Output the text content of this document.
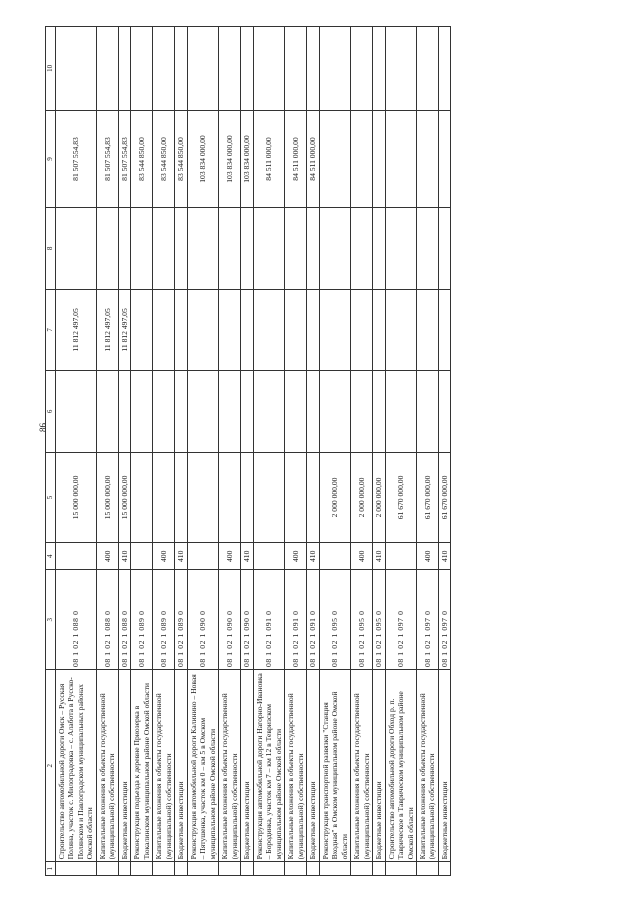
86
1	2	3	4	5	6	7	8	9	10
	Строительство автомобильной дороги Омск – Русская Поляна, участок с. Милоградовка – с. Алабота в Русско-Полянском и Павлоградском муниципальных районах Омской области	08 1 02 1 088 0		15 000 000,00		11 812 497,05		81 507 554,83	
	Капитальные вложения в объекты государственной (муниципальной) собственности	08 1 02 1 088 0	400	15 000 000,00		11 812 497,05		81 507 554,83	
	Бюджетные инвестиции	08 1 02 1 088 0	410	15 000 000,00		11 812 497,05		81 507 554,83	
	Реконструкция подъезда к деревне Приозерка в Тюкалинском муниципальном районе Омской области	08 1 02 1 089 0						83 544 850,00	
	Капитальные вложения в объекты государственной (муниципальной) собственности	08 1 02 1 089 0	400					83 544 850,00	
	Бюджетные инвестиции	08 1 02 1 089 0	410					83 544 850,00	
	Реконструкция автомобильной дороги Калинино – Новая – Пятушенка, участок км 0 – км 5 в Омском муниципальном районе Омской области	08 1 02 1 090 0						103 834 000,00	
	Капитальные вложения в объекты государственной (муниципальной) собственности	08 1 02 1 090 0	400					103 834 000,00	
	Бюджетные инвестиции	08 1 02 1 090 0	410					103 834 000,00	
	Реконструкция автомобильной дороги Нагорно-Ивановка – Бородинка, участок км 7 – км 12 в Тевризском муниципальном районе Омской области	08 1 02 1 091 0						84 511 000,00	
	Капитальные вложения в объекты государственной (муниципальной) собственности	08 1 02 1 091 0	400					84 511 000,00	
	Бюджетные инвестиции	08 1 02 1 091 0	410					84 511 000,00	
	Реконструкция транспортной развязки "Станция Входная" в Омском муниципальном районе Омской области	08 1 02 1 095 0		2 000 000,00					
	Капитальные вложения в объекты государственной (муниципальной) собственности	08 1 02 1 095 0	400	2 000 000,00					
	Бюджетные инвестиции	08 1 02 1 095 0	410	2 000 000,00					
	Строительство автомобильной дороги Обход р. п. Таврическое в Таврическом муниципальном районе Омской области	08 1 02 1 097 0		61 670 000,00					
	Капитальные вложения в объекты государственной (муниципальной) собственности	08 1 02 1 097 0	400	61 670 000,00					
	Бюджетные инвестиции	08 1 02 1 097 0	410	61 670 000,00					
